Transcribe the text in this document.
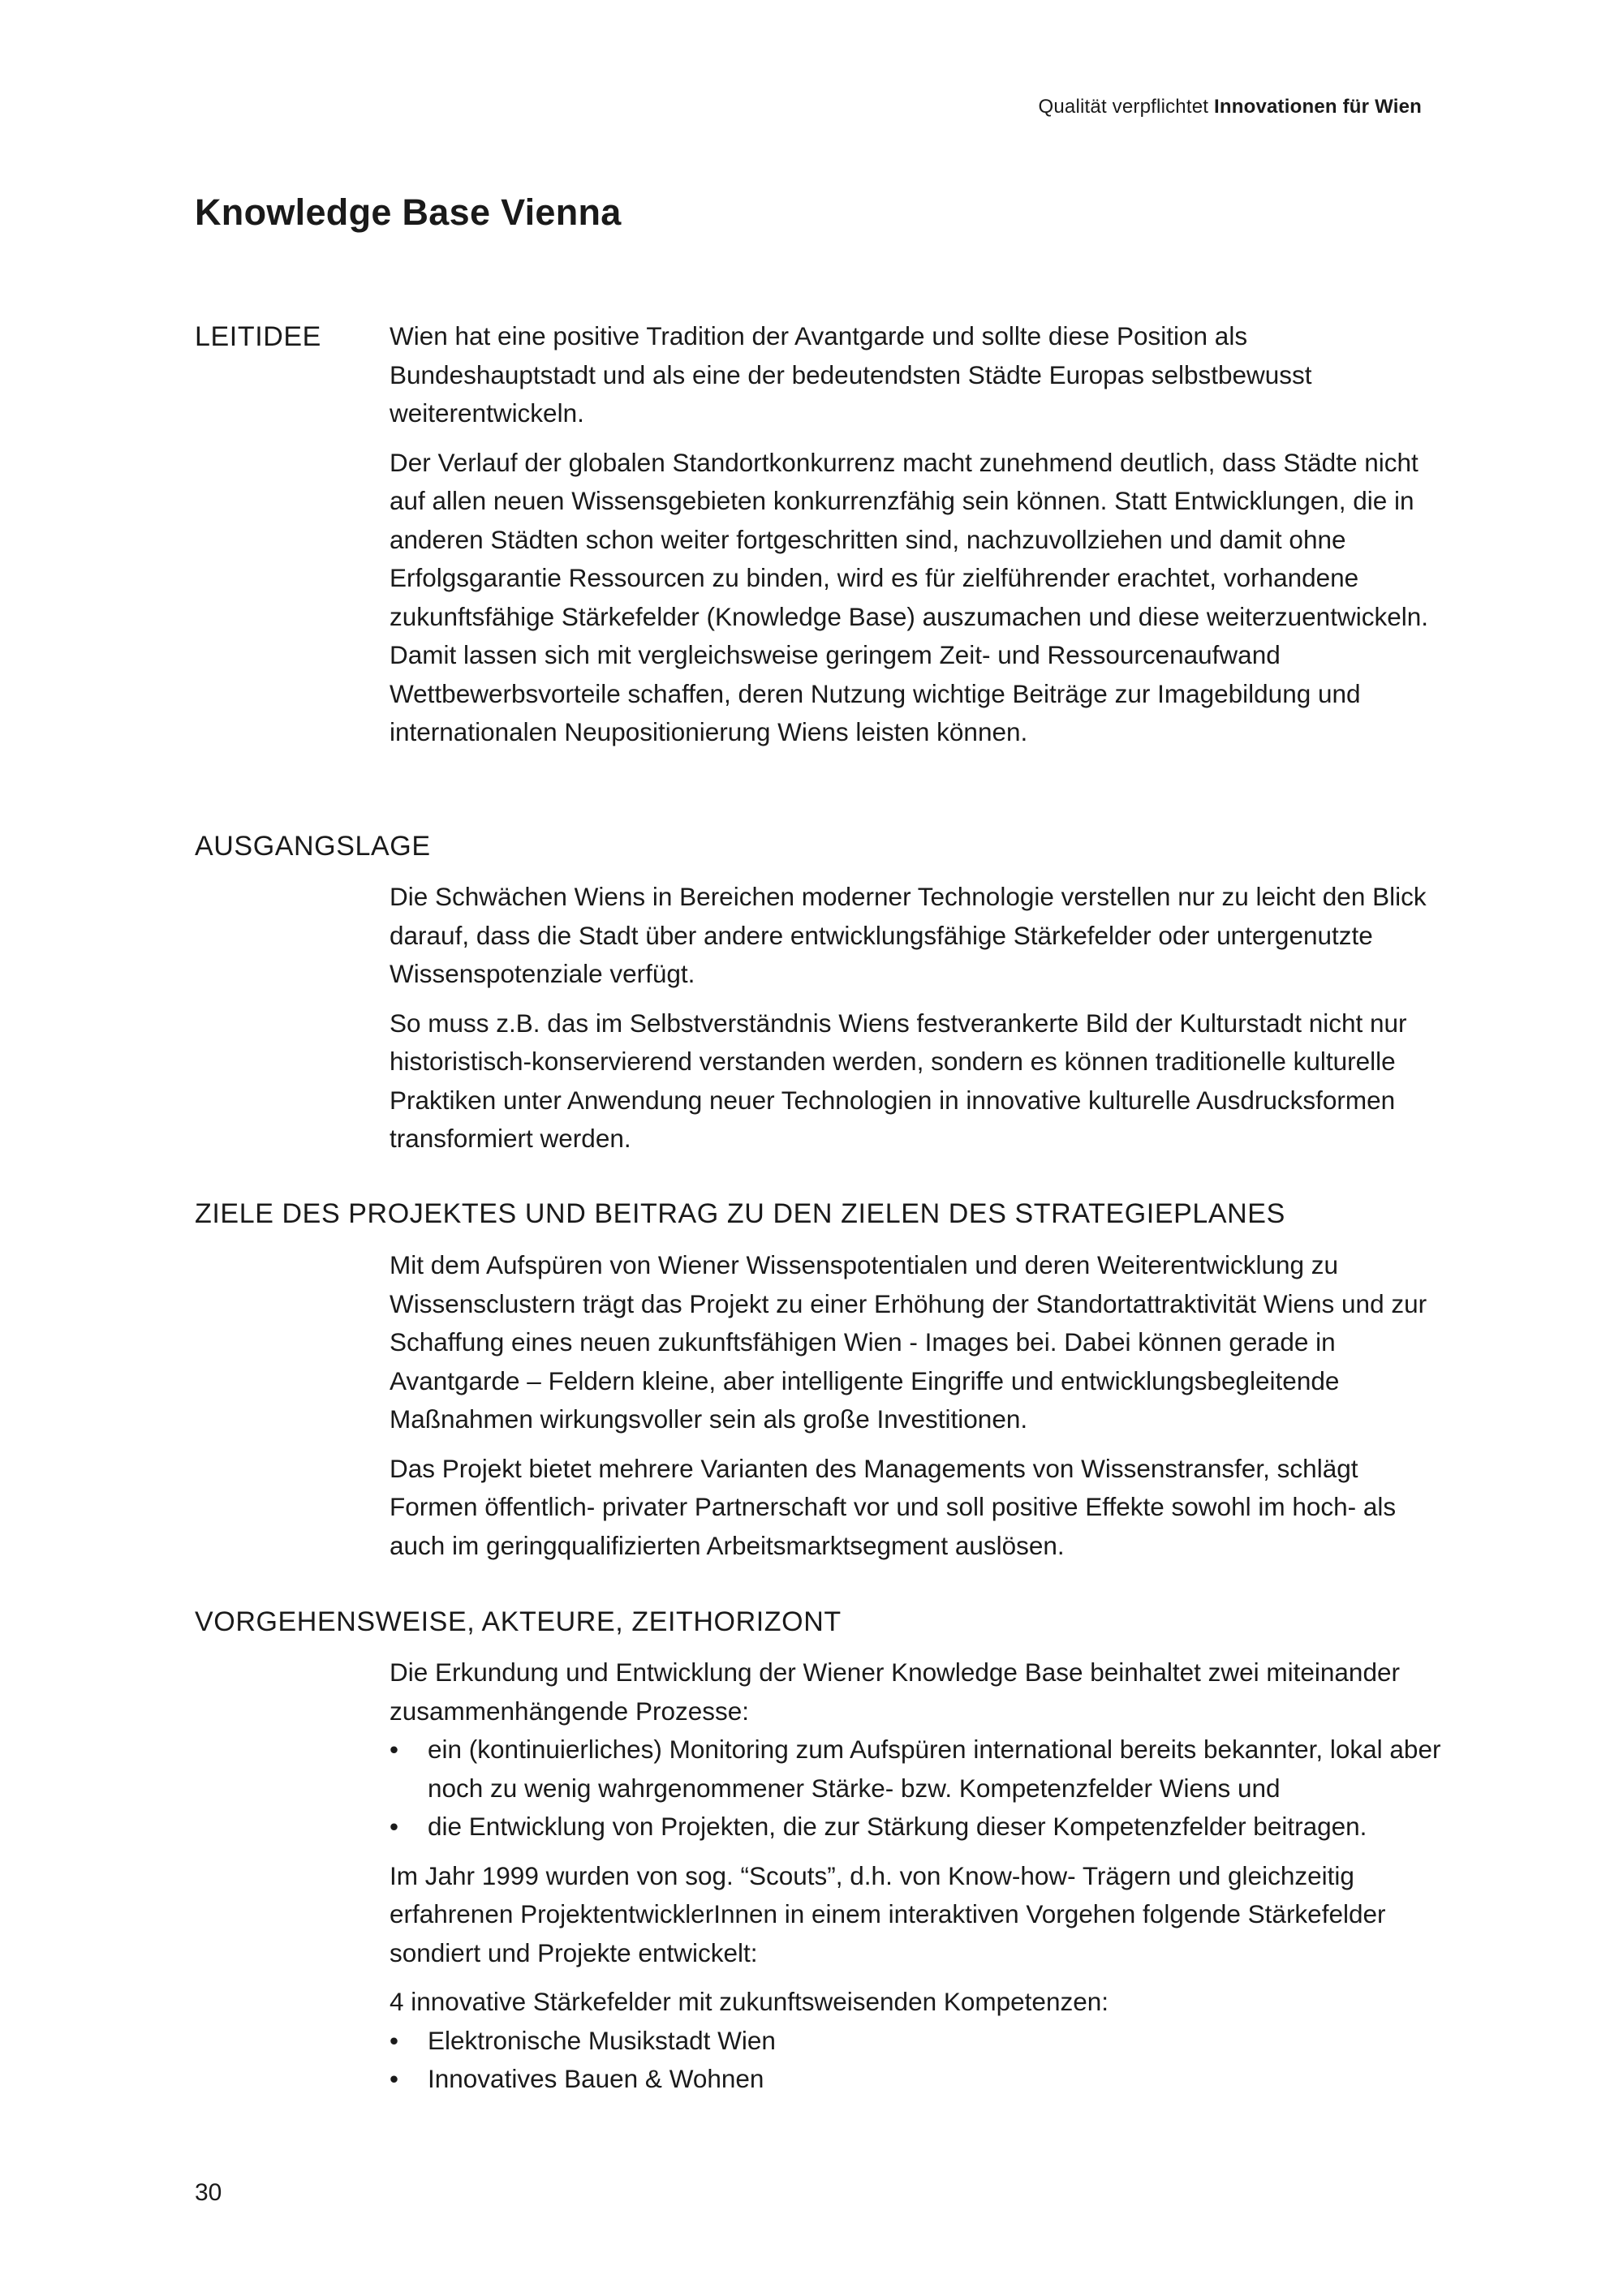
Qualität verpflichtet Innovationen für Wien
Knowledge Base Vienna
LEITIDEE	Wien hat eine positive Tradition der Avantgarde und sollte diese Position als Bundeshauptstadt und als eine der bedeutendsten Städte Europas selbstbewusst weiterentwickeln.

Der Verlauf der globalen Standortkonkurrenz macht zunehmend deutlich, dass Städte nicht auf allen neuen Wissensgebieten konkurrenzfähig sein können. Statt Entwicklungen, die in anderen Städten schon weiter fortgeschritten sind, nachzuvollziehen und damit ohne Erfolgsgarantie Ressourcen zu binden, wird es für zielführender erachtet, vorhandene zukunftsfähige Stärkefelder (Knowledge Base) auszumachen und diese weiterzuentwickeln. Damit lassen sich mit vergleichsweise geringem Zeit- und Ressourcenaufwand Wettbewerbsvorteile schaffen, deren Nutzung wichtige Beiträge zur Imagebildung und internationalen Neupositionierung Wiens leisten können.

AUSGANGSLAGE

Die Schwächen Wiens in Bereichen moderner Technologie verstellen nur zu leicht den Blick darauf, dass die Stadt über andere entwicklungsfähige Stärkefelder oder untergenutzte Wissenspotenziale verfügt.

So muss z.B. das im Selbstverständnis Wiens festverankerte Bild der Kulturstadt nicht nur historistisch-konservierend verstanden werden, sondern es können traditionelle kulturelle Praktiken unter Anwendung neuer Technologien in innovative kulturelle Ausdrucksformen transformiert werden.

ZIELE DES PROJEKTES UND BEITRAG ZU DEN ZIELEN DES STRATEGIEPLANES

Mit dem Aufspüren von Wiener Wissenspotentialen und deren Weiterentwicklung zu Wissensclustern trägt das Projekt zu einer Erhöhung der Standortattraktivität Wiens und zur Schaffung eines neuen zukunftsfähigen Wien - Images bei. Dabei können gerade in Avantgarde – Feldern kleine, aber intelligente Eingriffe und entwicklungsbegleitende Maßnahmen wirkungsvoller sein als große Investitionen.

Das Projekt bietet mehrere Varianten des Managements von Wissenstransfer, schlägt Formen öffentlich- privater Partnerschaft vor und soll positive Effekte sowohl im hoch- als auch im geringqualifizierten Arbeitsmarktsegment auslösen.

VORGEHENSWEISE, AKTEURE, ZEITHORIZONT

Die Erkundung und Entwicklung der Wiener Knowledge Base beinhaltet zwei miteinander zusammenhängende Prozesse:

• ein (kontinuierliches) Monitoring zum Aufspüren international bereits bekannter, lokal aber noch zu wenig wahrgenommener Stärke- bzw. Kompetenzfelder Wiens und
• die Entwicklung von Projekten, die zur Stärkung dieser Kompetenzfelder beitragen.

Im Jahr 1999 wurden von sog. “Scouts”, d.h. von Know-how- Trägern und gleichzeitig erfahrenen ProjektentwicklerInnen in einem interaktiven Vorgehen folgende Stärkefelder sondiert und Projekte entwickelt:

4 innovative Stärkefelder mit zukunftsweisenden Kompetenzen:

• Elektronische Musikstadt Wien
• Innovatives Bauen & Wohnen
30
